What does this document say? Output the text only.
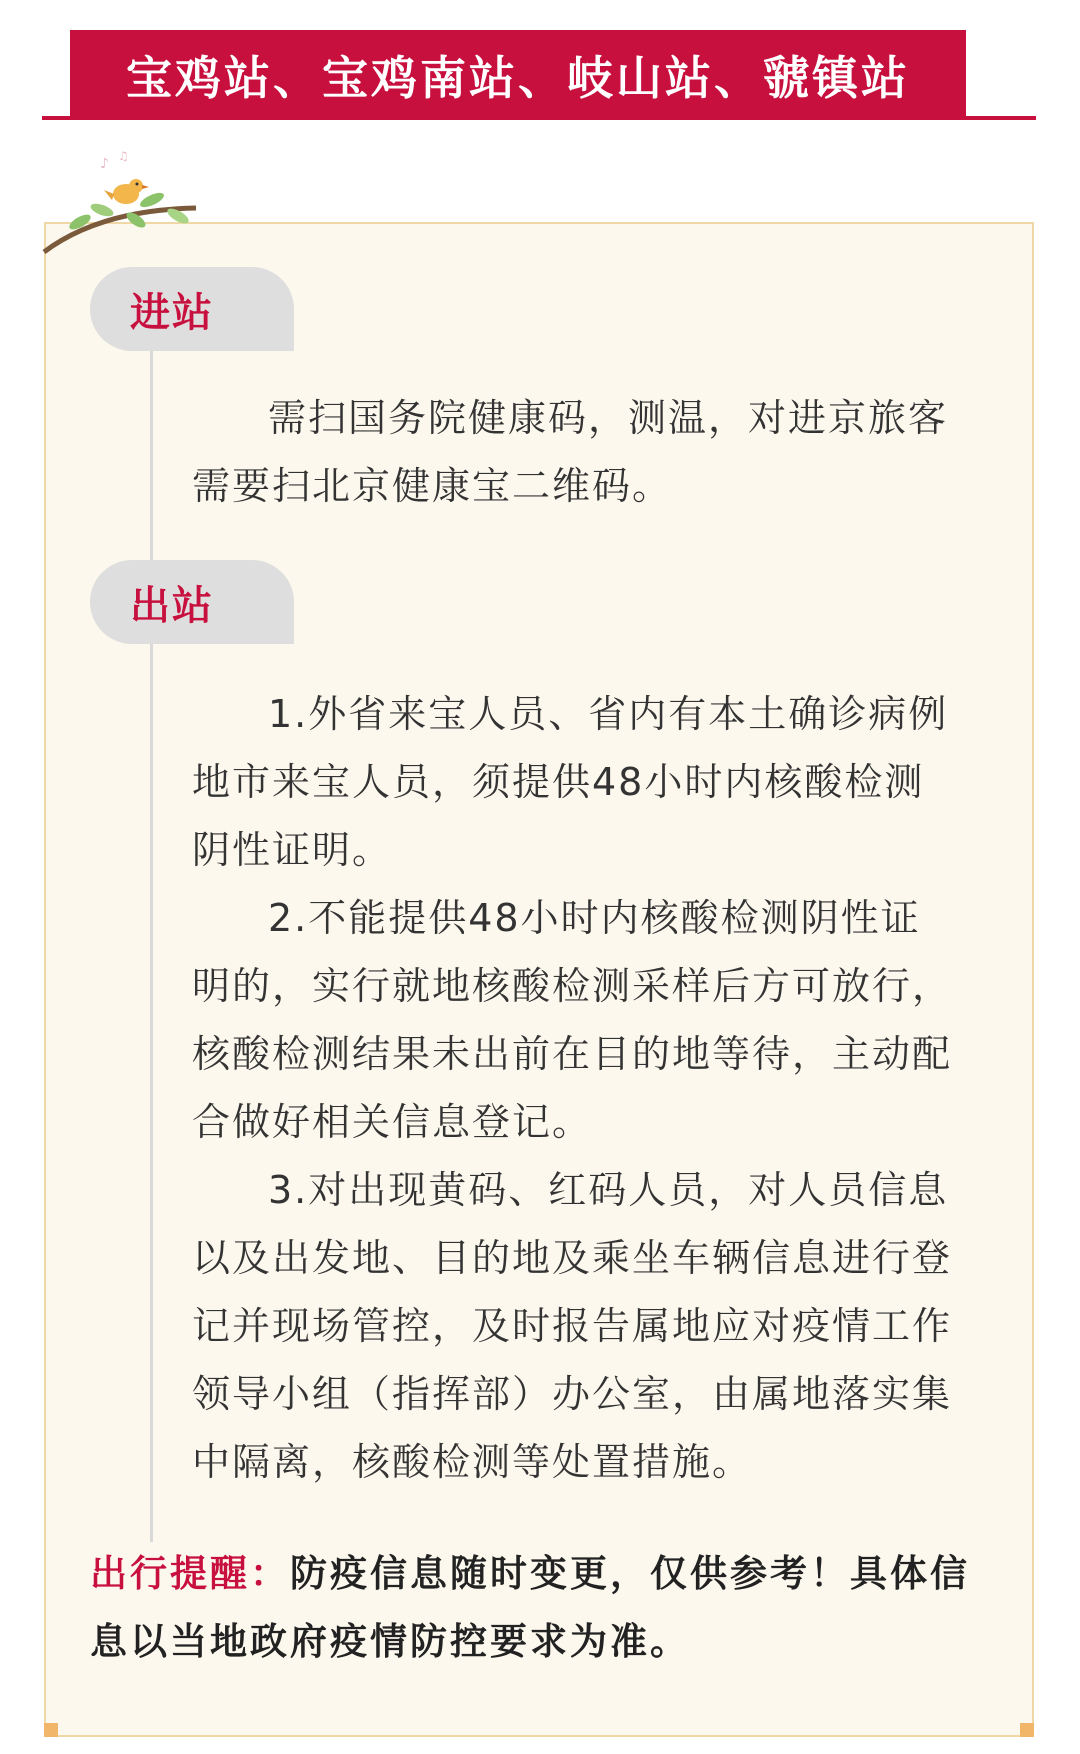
宝鸡站、宝鸡南站、岐山站、虢镇站
♪ ♫
进站

需扫国务院健康码，测温，对进京旅客需要扫北京健康宝二维码。

出站

1.外省来宝人员、省内有本土确诊病例地市来宝人员，须提供48小时内核酸检测阴性证明。

2.不能提供48小时内核酸检测阴性证明的，实行就地核酸检测采样后方可放行，核酸检测结果未出前在目的地等待，主动配合做好相关信息登记。

3.对出现黄码、红码人员，对人员信息以及出发地、目的地及乘坐车辆信息进行登记并现场管控，及时报告属地应对疫情工作领导小组（指挥部）办公室，由属地落实集中隔离，核酸检测等处置措施。

出行提醒：防疫信息随时变更，仅供参考！具体信息以当地政府疫情防控要求为准。
